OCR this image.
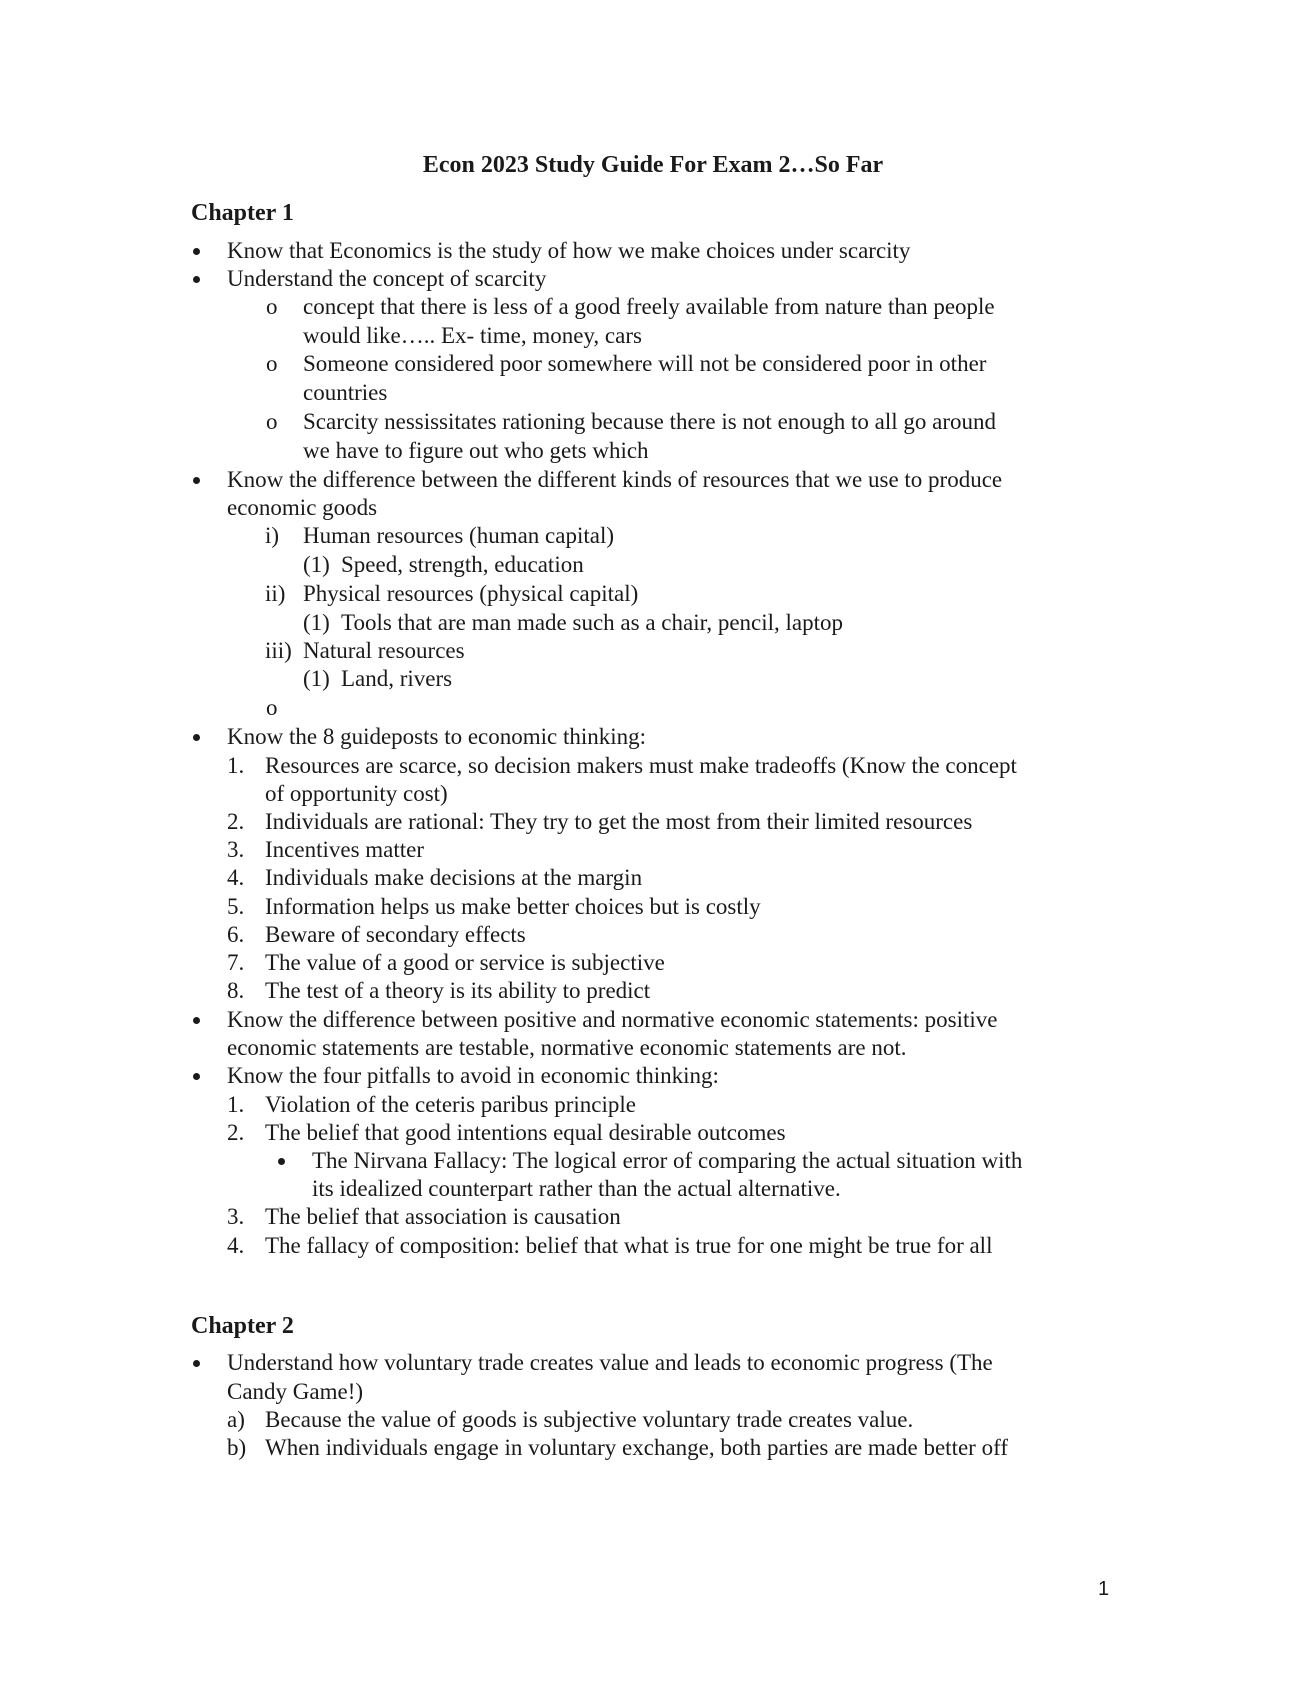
Econ 2023 Study Guide For Exam 2…So Far
Chapter 1
Know that Economics is the study of how we make choices under scarcity
Understand the concept of scarcity
o concept that there is less of a good freely available from nature than people
would like….. Ex- time, money, cars
o Someone considered poor somewhere will not be considered poor in other
countries
o Scarcity nessissitates rationing because there is not enough to all go around
we have to figure out who gets which
Know the difference between the different kinds of resources that we use to produce
economic goods
i) Human resources (human capital)
(1) Speed, strength, education
ii) Physical resources (physical capital)
(1) Tools that are man made such as a chair, pencil, laptop
iii) Natural resources
(1) Land, rivers
o
Know the 8 guideposts to economic thinking:
1. Resources are scarce, so decision makers must make tradeoffs (Know the concept
of opportunity cost)
2. Individuals are rational: They try to get the most from their limited resources
3. Incentives matter
4. Individuals make decisions at the margin
5. Information helps us make better choices but is costly
6. Beware of secondary effects
7. The value of a good or service is subjective
8. The test of a theory is its ability to predict
Know the difference between positive and normative economic statements: positive
economic statements are testable, normative economic statements are not.
Know the four pitfalls to avoid in economic thinking:
1. Violation of the ceteris paribus principle
2. The belief that good intentions equal desirable outcomes
The Nirvana Fallacy: The logical error of comparing the actual situation with
its idealized counterpart rather than the actual alternative.
3. The belief that association is causation
4. The fallacy of composition: belief that what is true for one might be true for all
Chapter 2
Understand how voluntary trade creates value and leads to economic progress (The
Candy Game!)
a) Because the value of goods is subjective voluntary trade creates value.
b) When individuals engage in voluntary exchange, both parties are made better off
1
